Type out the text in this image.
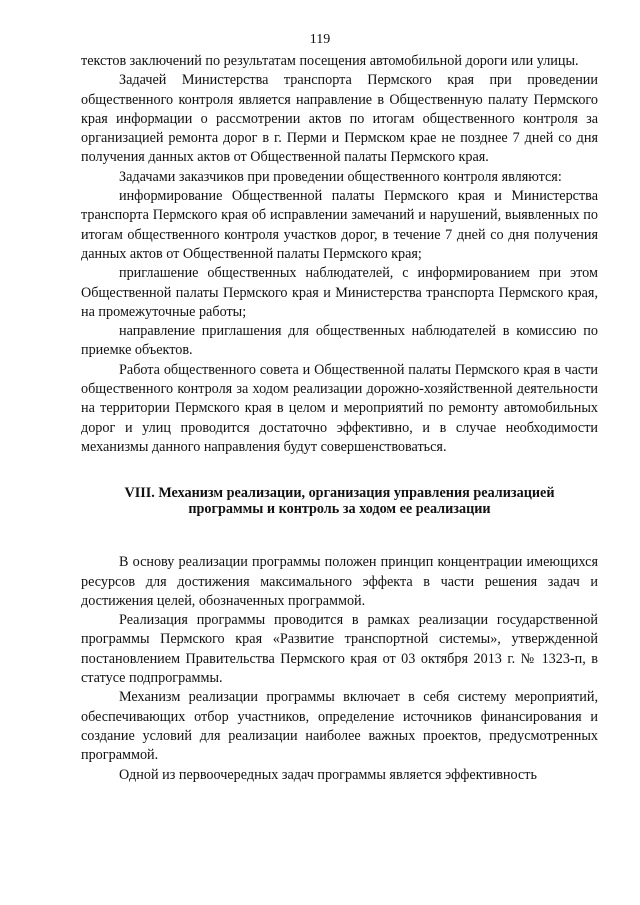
119

текстов заключений по результатам посещения автомобильной дороги или улицы.

Задачей Министерства транспорта Пермского края при проведении общественного контроля является направление в Общественную палату Пермского края информации о рассмотрении актов по итогам общественного контроля за организацией ремонта дорог в г. Перми и Пермском крае не позднее 7 дней со дня получения данных актов от Общественной палаты Пермского края.

Задачами заказчиков при проведении общественного контроля являются:

информирование Общественной палаты Пермского края и Министерства транспорта Пермского края об исправлении замечаний и нарушений, выявленных по итогам общественного контроля участков дорог, в течение 7 дней со дня получения данных актов от Общественной палаты Пермского края;

приглашение общественных наблюдателей, с информированием при этом Общественной палаты Пермского края и Министерства транспорта Пермского края, на промежуточные работы;

направление приглашения для общественных наблюдателей в комиссию по приемке объектов.

Работа общественного совета и Общественной палаты Пермского края в части общественного контроля за ходом реализации дорожно-хозяйственной деятельности на территории Пермского края в целом и мероприятий по ремонту автомобильных дорог и улиц проводится достаточно эффективно, и в случае необходимости механизмы данного направления будут совершенствоваться.

VIII. Механизм реализации, организация управления реализацией программы и контроль за ходом ее реализации

В основу реализации программы положен принцип концентрации имеющихся ресурсов для достижения максимального эффекта в части решения задач и достижения целей, обозначенных программой.

Реализация программы проводится в рамках реализации государственной программы Пермского края «Развитие транспортной системы», утвержденной постановлением Правительства Пермского края от 03 октября 2013 г. № 1323-п, в статусе подпрограммы.

Механизм реализации программы включает в себя систему мероприятий, обеспечивающих отбор участников, определение источников финансирования и создание условий для реализации наиболее важных проектов, предусмотренных программой.

Одной из первоочередных задач программы является эффективность
